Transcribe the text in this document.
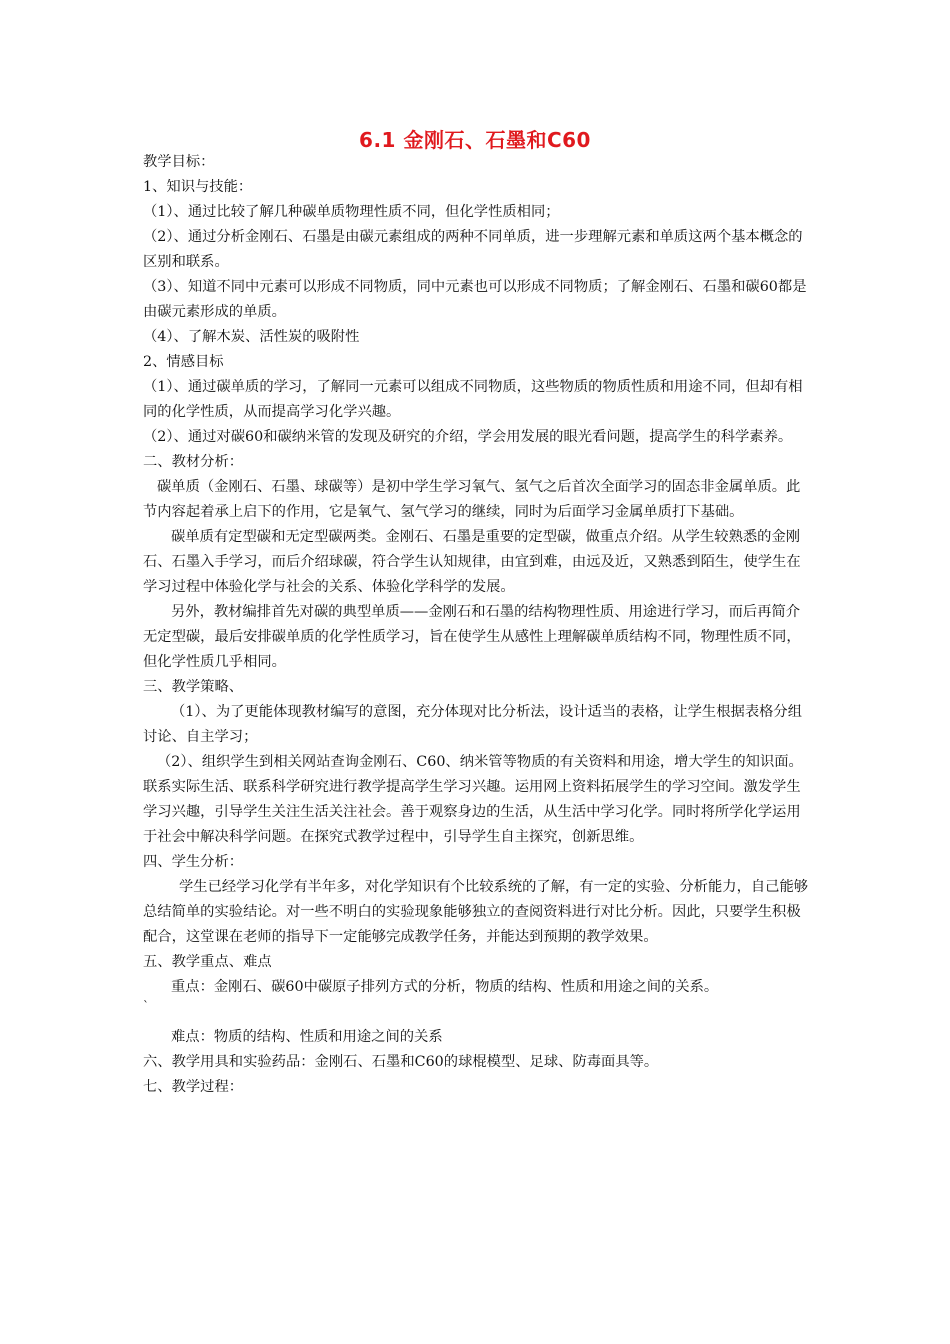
6.1 金刚石、石墨和C60

教学目标：

1、知识与技能：

（1）、通过比较了解几种碳单质物理性质不同，但化学性质相同；

（2）、通过分析金刚石、石墨是由碳元素组成的两种不同单质，进一步理解元素和单质这两个基本概念的区别和联系。

（3）、知道不同中元素可以形成不同物质，同中元素也可以形成不同物质；了解金刚石、石墨和碳60都是由碳元素形成的单质。

（4）、了解木炭、活性炭的吸附性

2、情感目标

（1）、通过碳单质的学习，了解同一元素可以组成不同物质，这些物质的物质性质和用途不同，但却有相同的化学性质，从而提高学习化学兴趣。

（2）、通过对碳60和碳纳米管的发现及研究的介绍，学会用发展的眼光看问题，提高学生的科学素养。

二、教材分析：

碳单质（金刚石、石墨、球碳等）是初中学生学习氧气、氢气之后首次全面学习的固态非金属单质。此节内容起着承上启下的作用，它是氧气、氢气学习的继续，同时为后面学习金属单质打下基础。

碳单质有定型碳和无定型碳两类。金刚石、石墨是重要的定型碳，做重点介绍。从学生较熟悉的金刚石、石墨入手学习，而后介绍球碳，符合学生认知规律，由宜到难，由远及近，又熟悉到陌生，使学生在学习过程中体验化学与社会的关系、体验化学科学的发展。

另外，教材编排首先对碳的典型单质——金刚石和石墨的结构物理性质、用途进行学习，而后再简介无定型碳，最后安排碳单质的化学性质学习，旨在使学生从感性上理解碳单质结构不同，物理性质不同，但化学性质几乎相同。

三、教学策略、

（1）、为了更能体现教材编写的意图，充分体现对比分析法，设计适当的表格，让学生根据表格分组讨论、自主学习；

（2）、组织学生到相关网站查询金刚石、C60、纳米管等物质的有关资料和用途，增大学生的知识面。联系实际生活、联系科学研究进行教学提高学生学习兴趣。运用网上资料拓展学生的学习空间。激发学生学习兴趣，引导学生关注生活关注社会。善于观察身边的生活，从生活中学习化学。同时将所学化学运用于社会中解决科学问题。在探究式教学过程中，引导学生自主探究，创新思维。

四、学生分析：

学生已经学习化学有半年多，对化学知识有个比较系统的了解，有一定的实验、分析能力，自己能够总结简单的实验结论。对一些不明白的实验现象能够独立的查阅资料进行对比分析。因此，只要学生积极配合，这堂课在老师的指导下一定能够完成教学任务，并能达到预期的教学效果。

五、教学重点、难点

重点：金刚石、碳60中碳原子排列方式的分析，物质的结构、性质和用途之间的关系。

`

难点：物质的结构、性质和用途之间的关系

六、教学用具和实验药品：金刚石、石墨和C60的球棍模型、足球、防毒面具等。

七、教学过程：
